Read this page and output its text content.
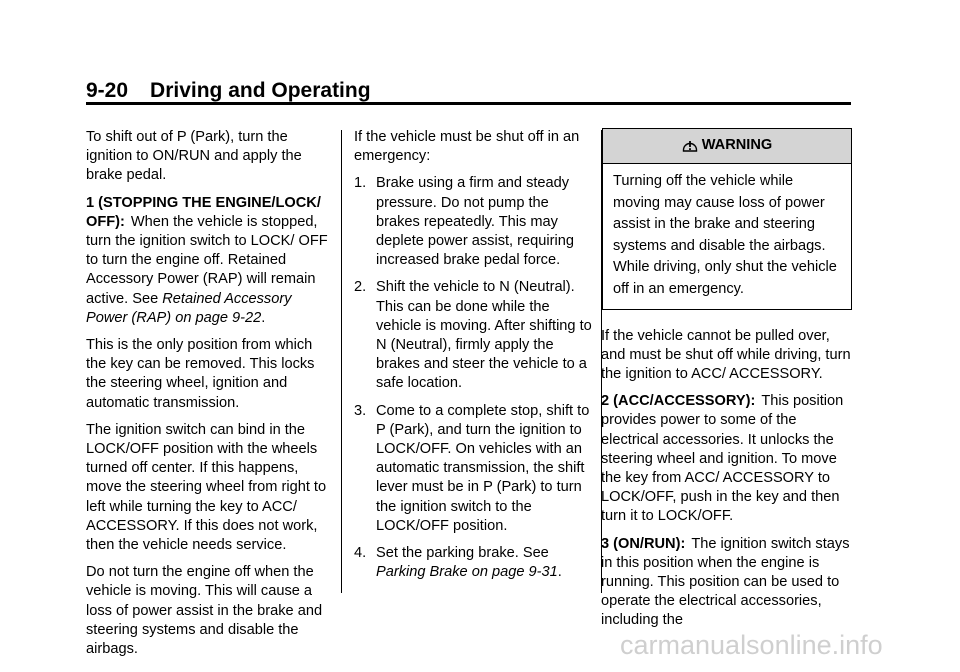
9-20 Driving and Operating

To shift out of P (Park), turn the ignition to ON/RUN and apply the brake pedal.

1 (STOPPING THE ENGINE/LOCK/ OFF): When the vehicle is stopped, turn the ignition switch to LOCK/ OFF to turn the engine off. Retained Accessory Power (RAP) will remain active. See Retained Accessory Power (RAP) on page 9‑22.

This is the only position from which the key can be removed. This locks the steering wheel, ignition and automatic transmission.

The ignition switch can bind in the LOCK/OFF position with the wheels turned off center. If this happens, move the steering wheel from right to left while turning the key to ACC/ ACCESSORY. If this does not work, then the vehicle needs service.

Do not turn the engine off when the vehicle is moving. This will cause a loss of power assist in the brake and steering systems and disable the airbags.

If the vehicle must be shut off in an emergency:

1. Brake using a firm and steady pressure. Do not pump the brakes repeatedly. This may deplete power assist, requiring increased brake pedal force.
2. Shift the vehicle to N (Neutral). This can be done while the vehicle is moving. After shifting to N (Neutral), firmly apply the brakes and steer the vehicle to a safe location.
3. Come to a complete stop, shift to P (Park), and turn the ignition to LOCK/OFF. On vehicles with an automatic transmission, the shift lever must be in P (Park) to turn the ignition switch to the LOCK/OFF position.
4. Set the parking brake. See Parking Brake on page 9‑31.
WARNING
Turning off the vehicle while moving may cause loss of power assist in the brake and steering systems and disable the airbags. While driving, only shut the vehicle off in an emergency.

If the vehicle cannot be pulled over, and must be shut off while driving, turn the ignition to ACC/ ACCESSORY.

2 (ACC/ACCESSORY): This position provides power to some of the electrical accessories. It unlocks the steering wheel and ignition. To move the key from ACC/ ACCESSORY to LOCK/OFF, push in the key and then turn it to LOCK/OFF.

3 (ON/RUN): The ignition switch stays in this position when the engine is running. This position can be used to operate the electrical accessories, including the

carmanualsonline.info
